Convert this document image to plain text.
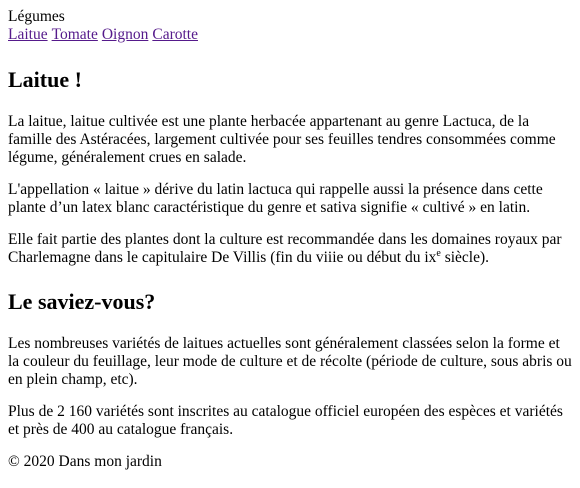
Légumes
Laitue Tomate Oignon Carotte
Laitue !

La laitue, laitue cultivée est une plante herbacée appartenant au genre Lactuca, de la famille des Astéracées, largement cultivée pour ses feuilles tendres consommées comme légume, généralement crues en salade.

L'appellation « laitue » dérive du latin lactuca qui rappelle aussi la présence dans cette plante d’un latex blanc caractéristique du genre et sativa signifie « cultivé » en latin.

Elle fait partie des plantes dont la culture est recommandée dans les domaines royaux par Charlemagne dans le capitulaire De Villis (fin du viiie ou début du $ix^e$ siècle).

Le saviez-vous?

Les nombreuses variétés de laitues actuelles sont généralement classées selon la forme et la couleur du feuillage, leur mode de culture et de récolte (période de culture, sous abris ou en plein champ, etc).

Plus de 2 160 variétés sont inscrites au catalogue officiel européen des espèces et variétés et près de 400 au catalogue français.

© 2020 Dans mon jardin
